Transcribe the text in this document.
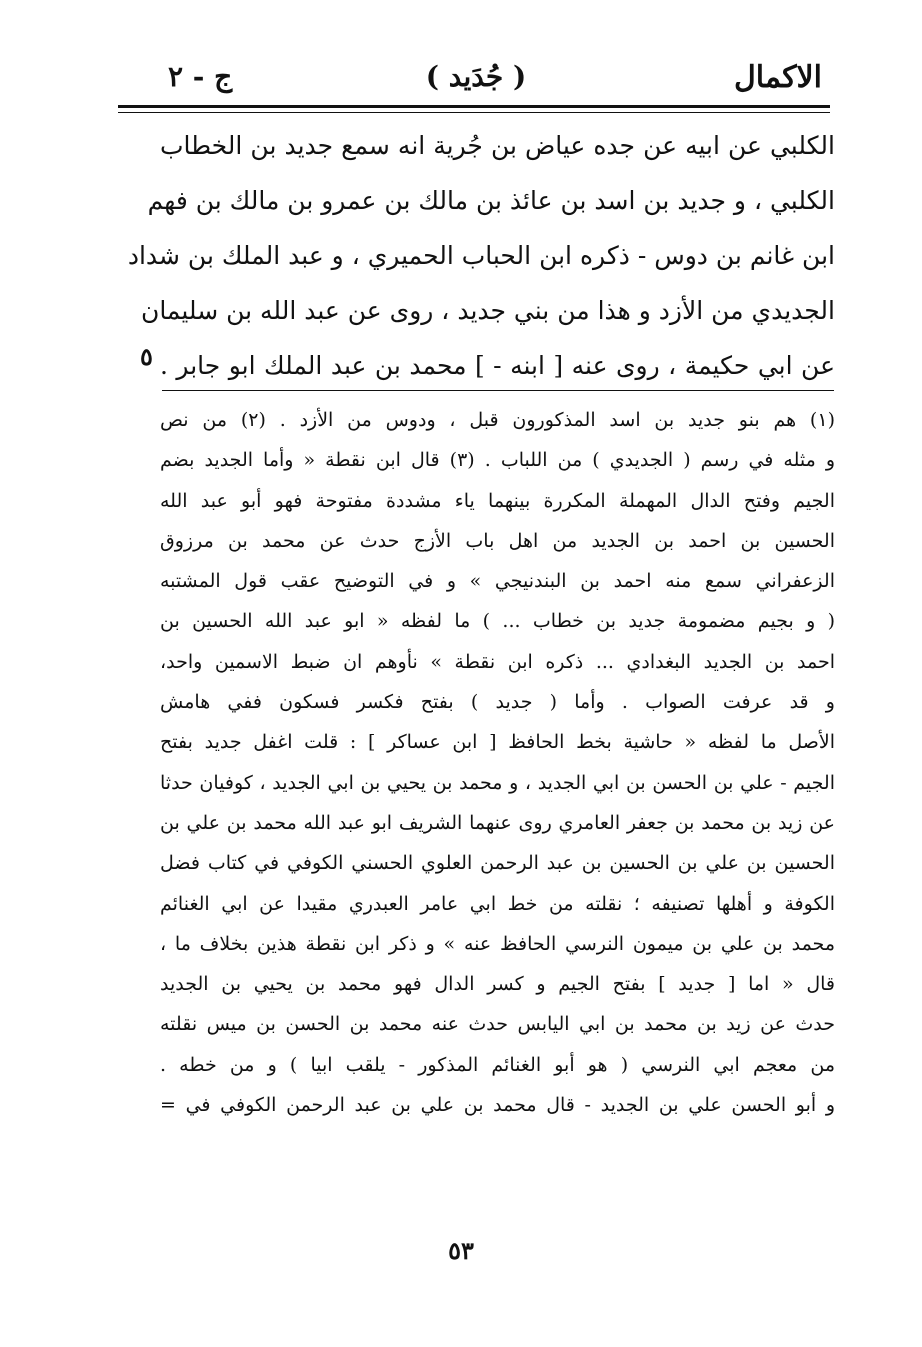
الاكمال
( جُدَيد )
ج - ٢
الكلبي عن ابيه عن جده عياض بن جُرية انه سمع جديد بن الخطاب
الكلبي ، و جديد بن اسد بن عائذ بن مالك بن عمرو بن مالك بن فهم
ابن غانم بن دوس - ذكره ابن الحباب الحميري ، و عبد الملك بن شداد
الجديدي من الأزد و هذا من بني جديد ، روى عن عبد الله بن سليمان
عن ابي حكيمة ، روى عنه [ ابنه - ] محمد بن عبد الملك ابو جابر .
٥
(١) هم بنو جديد بن اسد المذكورون قبل ، ودوس من الأزد . (٢) من نص
و مثله في رسم ( الجديدي ) من اللباب . (٣) قال ابن نقطة « وأما الجديد بضم
الجيم وفتح الدال المهملة المكررة بينهما ياء مشددة مفتوحة فهو أبو عبد الله
الحسين بن احمد بن الجديد من اهل باب الأزج حدث عن محمد بن مرزوق
الزعفراني سمع منه احمد بن البندنيجي » و في التوضيح عقب قول المشتبه
( و بجيم مضمومة جديد بن خطاب ... ) ما لفظه « ابو عبد الله الحسين بن
احمد بن الجديد البغدادي ... ذكره ابن نقطة » نأوهم ان ضبط الاسمين واحد،
و قد عرفت الصواب . وأما ( جديد ) بفتح فكسر فسكون ففي هامش
الأصل ما لفظه « حاشية بخط الحافظ [ ابن عساكر ] : قلت اغفل جديد بفتح
الجيم - علي بن الحسن بن ابي الجديد ، و محمد بن يحيي بن ابي الجديد ، كوفيان حدثا
عن زيد بن محمد بن جعفر العامري روى عنهما الشريف ابو عبد الله محمد بن علي بن
الحسين بن علي بن الحسين بن عبد الرحمن العلوي الحسني الكوفي في كتاب فضل
الكوفة و أهلها تصنيفه ؛ نقلته من خط ابي عامر العبدري مقيدا عن ابي الغنائم
محمد بن علي بن ميمون النرسي الحافظ عنه » و ذكر ابن نقطة هذين بخلاف ما ،
قال « اما [ جديد ] بفتح الجيم و كسر الدال فهو محمد بن يحيي بن الجديد
حدث عن زيد بن محمد بن ابي اليابس حدث عنه محمد بن الحسن بن ميس نقلته
من معجم ابي النرسي ( هو أبو الغنائم المذكور - يلقب ابيا ) و من خطه .
و أبو الحسن علي بن الجديد - قال محمد بن علي بن عبد الرحمن الكوفي في =
٥٣
